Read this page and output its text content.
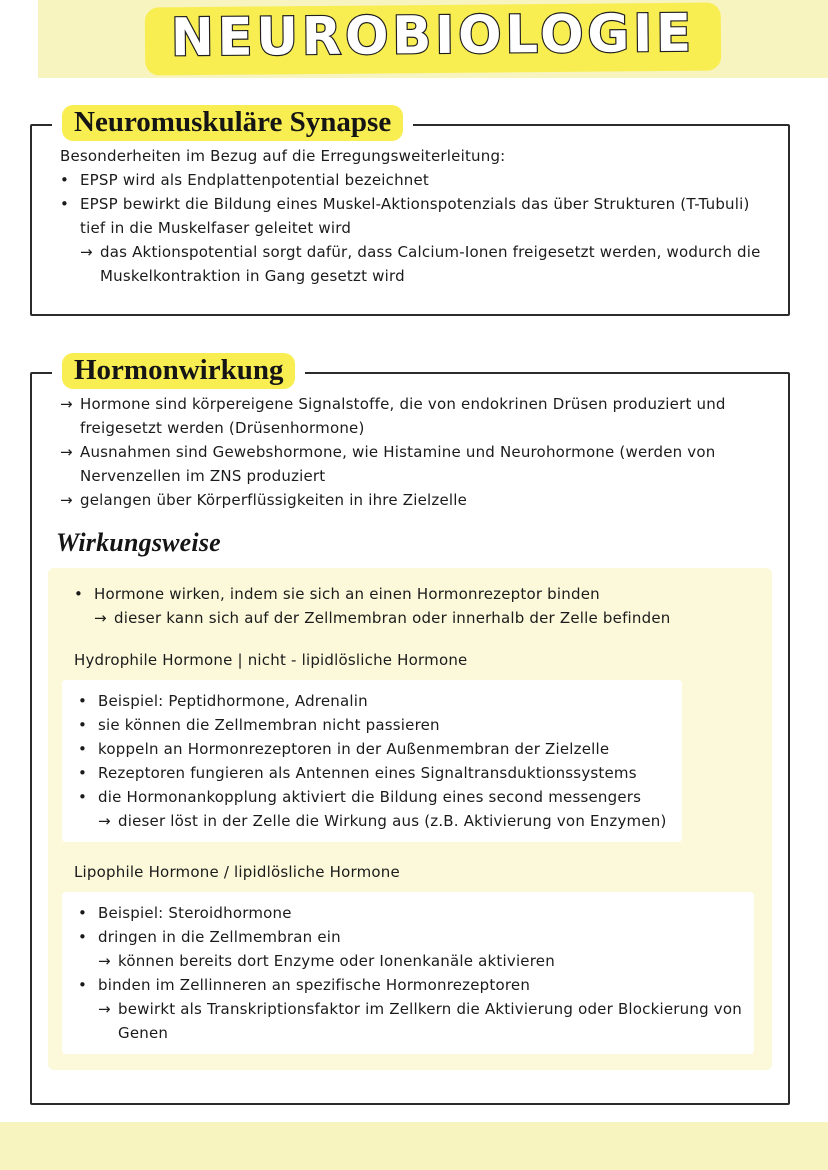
NEUROBIOLOGIE
Besonderheiten im Bezug auf die Erregungsweiterleitung:
• EPSP wird als Endplattenpotential bezeichnet
• EPSP bewirkt die Bildung eines Muskel-Aktionspotenzials das über Strukturen (T-Tubuli) tief in die Muskelfaser geleitet wird
→ das Aktionspotential sorgt dafür, dass Calcium-Ionen freigesetzt werden, wodurch die Muskelkontraktion in Gang gesetzt wird
Neuromuskuläre Synapse
→ Hormone sind körpereigene Signalstoffe, die von endokrinen Drüsen produziert und freigesetzt werden (Drüsenhormone)
→ Ausnahmen sind Gewebshormone, wie Histamine und Neurohormone (werden von Nervenzellen im ZNS produziert
→ gelangen über Körperflüssigkeiten in ihre Zielzelle
Wirkungsweise
• Hormone wirken, indem sie sich an einen Hormonrezeptor binden
→ dieser kann sich auf der Zellmembran oder innerhalb der Zelle befinden
Hydrophile Hormone | nicht - lipidlösliche Hormone
• Beispiel: Peptidhormone, Adrenalin
• sie können die Zellmembran nicht passieren
• koppeln an Hormonrezeptoren in der Außenmembran der Zielzelle
• Rezeptoren fungieren als Antennen eines Signaltransduktionssystems
• die Hormonankopplung aktiviert die Bildung eines second messengers
→ dieser löst in der Zelle die Wirkung aus (z.B. Aktivierung von Enzymen)
Lipophile Hormone / lipidlösliche Hormone
• Beispiel: Steroidhormone
• dringen in die Zellmembran ein
→ können bereits dort Enzyme oder Ionenkanäle aktivieren
• binden im Zellinneren an spezifische Hormonrezeptoren
→ bewirkt als Transkriptionsfaktor im Zellkern die Aktivierung oder Blockierung von Genen
Hormonwirkung
